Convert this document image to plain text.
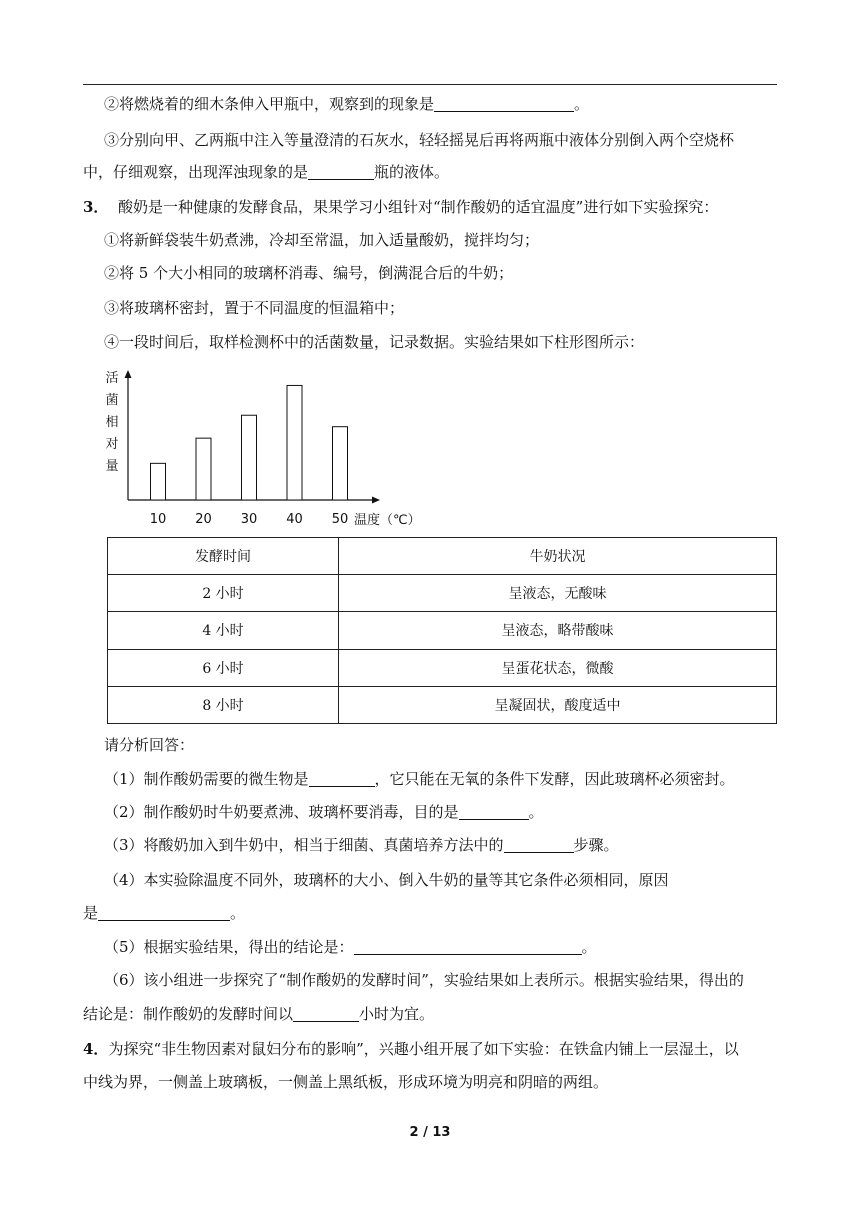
②将燃烧着的细木条伸入甲瓶中，观察到的现象是	。
③分别向甲、乙两瓶中注入等量澄清的石灰水，轻轻摇晃后再将两瓶中液体分别倒入两个空烧杯
中，仔细观察，出现浑浊现象的是	瓶的液体。
3． 酸奶是一种健康的发酵食品，果果学习小组针对“制作酸奶的适宜温度”进行如下实验探究：
①将新鲜袋装牛奶煮沸，冷却至常温，加入适量酸奶，搅拌均匀；
②将 5 个大小相同的玻璃杯消毒、编号，倒满混合后的牛奶；
③将玻璃杯密封，置于不同温度的恒温箱中；
④一段时间后，取样检测杯中的活菌数量，记录数据。实验结果如下柱形图所示：
10 20 30 40 50
活
菌
相
对
量
温度（℃）
发酵时间	牛奶状况
2 小时	呈液态，无酸味
4 小时	呈液态，略带酸味
6 小时	呈蛋花状态，微酸
8 小时	呈凝固状，酸度适中
请分析回答：
（1）制作酸奶需要的微生物是	，它只能在无氧的条件下发酵，因此玻璃杯必须密封。
（2）制作酸奶时牛奶要煮沸、玻璃杯要消毒，目的是	。
（3）将酸奶加入到牛奶中，相当于细菌、真菌培养方法中的	步骤。
（4）本实验除温度不同外，玻璃杯的大小、倒入牛奶的量等其它条件必须相同，原因
是	。
（5）根据实验结果，得出的结论是：	。
（6）该小组进一步探究了“制作酸奶的发酵时间”，实验结果如上表所示。根据实验结果，得出的
结论是：制作酸奶的发酵时间以	小时为宜。
4．为探究“非生物因素对鼠妇分布的影响”，兴趣小组开展了如下实验：在铁盒内铺上一层湿土，以
中线为界，一侧盖上玻璃板，一侧盖上黑纸板，形成环境为明亮和阴暗的两组。
2 / 13
